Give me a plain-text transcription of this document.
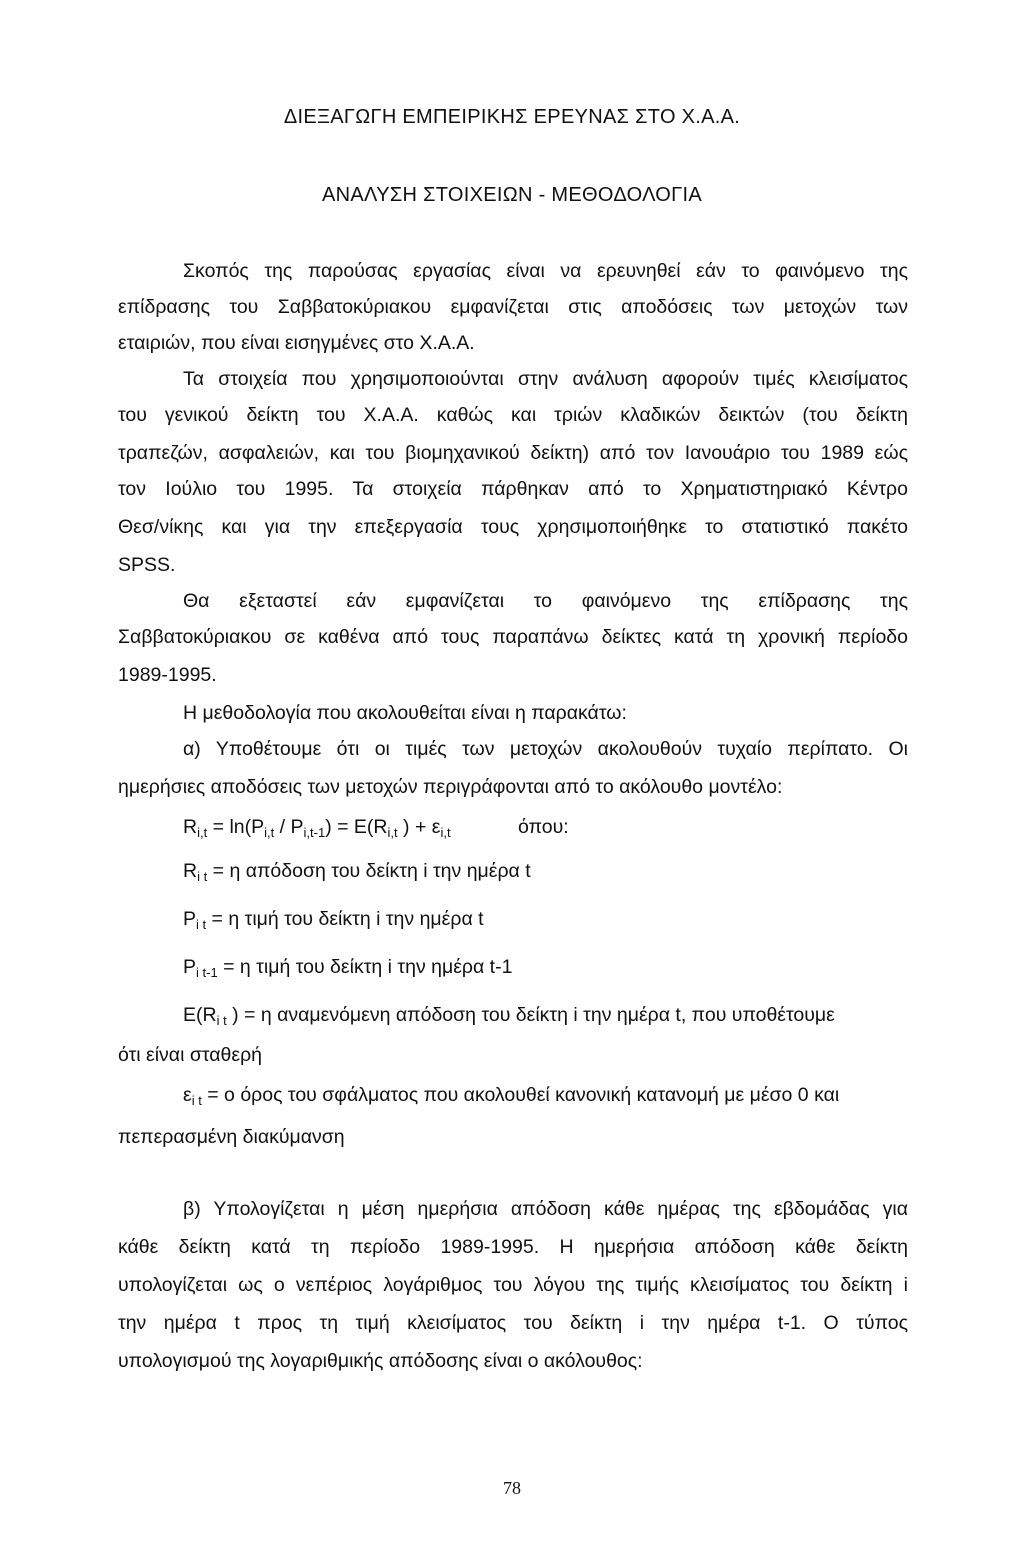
ΔΙΕΞΑΓΩΓΗ ΕΜΠΕΙΡΙΚΗΣ ΕΡΕΥΝΑΣ ΣΤΟ Χ.Α.Α.
ΑΝΑΛΥΣΗ ΣΤΟΙΧΕΙΩΝ - ΜΕΘΟΔΟΛΟΓΙΑ
Σκοπός της παρούσας εργασίας είναι να ερευνηθεί εάν το φαινόμενο της
επίδρασης του Σαββατοκύριακου εμφανίζεται στις αποδόσεις των μετοχών των
εταιριών, που είναι εισηγμένες στο Χ.Α.Α.
Τα στοιχεία που χρησιμοποιούνται στην ανάλυση αφορούν τιμές κλεισίματος
του γενικού δείκτη του Χ.Α.Α. καθώς και τριών κλαδικών δεικτών (του δείκτη
τραπεζών, ασφαλειών, και του βιομηχανικού δείκτη) από τον Ιανουάριο του 1989 εώς
τον Ιούλιο του 1995. Τα στοιχεία πάρθηκαν από το Χρηματιστηριακό Κέντρο
Θεσ/νίκης και για την επεξεργασία τους χρησιμοποιήθηκε το στατιστικό πακέτο
SPSS.
Θα εξεταστεί εάν εμφανίζεται το φαινόμενο της επίδρασης της
Σαββατοκύριακου σε καθένα από τους παραπάνω δείκτες κατά τη χρονική περίοδο
1989-1995.
Η μεθοδολογία που ακολουθείται είναι η παρακάτω:
α) Υποθέτουμε ότι οι τιμές των μετοχών ακολουθούν τυχαίο περίπατο. Οι
ημερήσιες αποδόσεις των μετοχών περιγράφονται από το ακόλουθο μοντέλο:
$R_{i,t} = \ln(P_{i,t} / P_{i,t-1}) = E(R_{i,t}$ ) + $\varepsilon_{i,t}$	όπου:
$R_{i t} = \eta$ απόδοση του δείκτη i την ημέρα t
$P_{i t} = \eta$ τιμή του δείκτη i την ημέρα t
$P_{i t-1} = \eta$ τιμή του δείκτη i την ημέρα t-1
$E(R_{i t}$ ) = η αναμενόμενη απόδοση του δείκτη i την ημέρα t, που υποθέτουμε
ότι είναι σταθερή
$\varepsilon_{i t} = o$ όρος του σφάλματος που ακολουθεί κανονική κατανομή με μέσο 0 και
πεπερασμένη διακύμανση
β) Υπολογίζεται η μέση ημερήσια απόδοση κάθε ημέρας της εβδομάδας για
κάθε δείκτη κατά τη περίοδο 1989-1995. Η ημερήσια απόδοση κάθε δείκτη
υπολογίζεται ως ο νεπέριος λογάριθμος του λόγου της τιμής κλεισίματος του δείκτη i
την ημέρα t προς τη τιμή κλεισίματος του δείκτη i την ημέρα t-1. Ο τύπος
υπολογισμού της λογαριθμικής απόδοσης είναι ο ακόλουθος:
78
